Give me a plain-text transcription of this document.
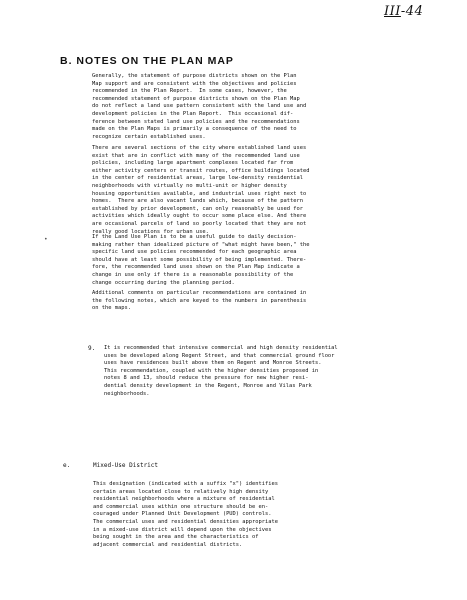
III-44
B. NOTES ON THE PLAN MAP
Generally, the statement of purpose districts shown on the Plan
Map support and are consistent with the objectives and policies
recommended in the Plan Report.  In some cases, however, the
recommended statement of purpose districts shown on the Plan Map
do not reflect a land use pattern consistent with the land use and
development policies in the Plan Report.  This occasional dif-
ference between stated land use policies and the recommendations
made on the Plan Maps is primarily a consequence of the need to
recognize certain established uses.
There are several sections of the city where established land uses
exist that are in conflict with many of the recommended land use
policies, including large apartment complexes located far from
either activity centers or transit routes, office buildings located
in the center of residential areas, large low-density residential
neighborhoods with virtually no multi-unit or higher density
housing opportunities available, and industrial uses right next to
homes.  There are also vacant lands which, because of the pattern
established by prior development, can only reasonably be used for
activities which ideally ought to occur some place else. And there
are occasional parcels of land so poorly located that they are not
really good locations for urban use.
If the Land Use Plan is to be a useful guide to daily decision-
making rather than idealized picture of "what might have been," the
specific land use policies recommended for each geographic area
should have at least some possibility of being implemented. There-
fore, the recommended land uses shown on the Plan Map indicate a
change in use only if there is a reasonable possibility of the
change occurring during the planning period.
Additional comments on particular recommendations are contained in
the following notes, which are keyed to the numbers in parenthesis
on the maps.
•
9. It is recommended that intensive commercial and high density residential
uses be developed along Regent Street, and that commercial ground floor
uses have residences built above them on Regent and Monroe Streets.
This recommendation, coupled with the higher densities proposed in
notes 8 and 13, should reduce the pressure for new higher resi-
dential density development in the Regent, Monroe and Vilas Park
neighborhoods.
e.	Mixed-Use District
This designation (indicated with a suffix "x") identifies
certain areas located close to relatively high density
residential neighborhoods where a mixture of residential
and commercial uses within one structure should be en-
couraged under Planned Unit Development (PUD) controls.
The commercial uses and residential densities appropriate
in a mixed-use district will depend upon the objectives
being sought in the area and the characteristics of
adjacent commercial and residential districts.
